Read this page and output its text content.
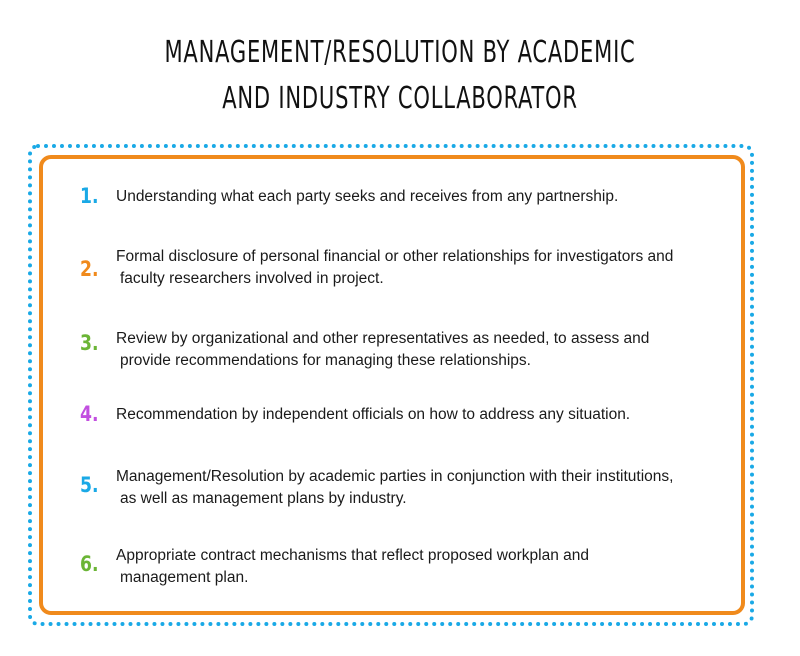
MANAGEMENT/RESOLUTION BY ACADEMIC
AND INDUSTRY COLLABORATOR
1.	Understanding what each party seeks and receives from any partnership.
2.
Formal disclosure of personal financial or other relationships for investigators and
faculty researchers involved in project.
3.	Review by organizational and other representatives as needed, to assess and
provide recommendations for managing these relationships.
4.	Recommendation by independent officials on how to address any situation.
5.	Management/Resolution by academic parties in conjunction with their institutions,
as well as management plans by industry.
6.	Appropriate contract mechanisms that reflect proposed workplan and
management plan.
